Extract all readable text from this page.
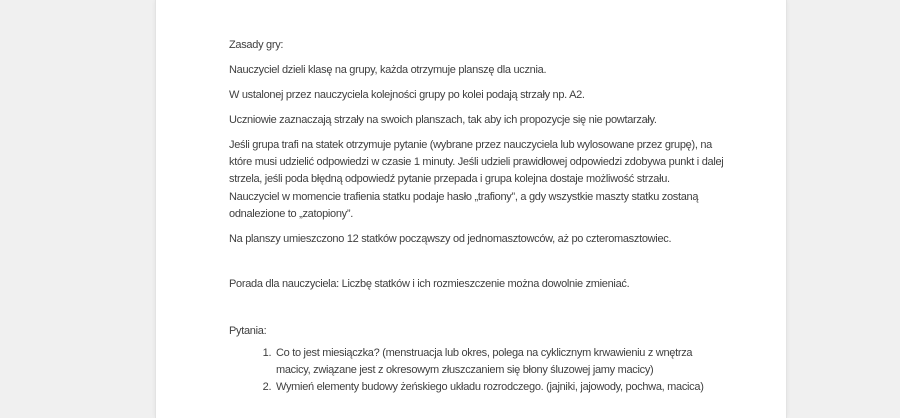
Zasady gry:

Nauczyciel dzieli klasę na grupy, każda otrzymuje planszę dla ucznia.

W ustalonej przez nauczyciela kolejności grupy po kolei podają strzały np. A2.

Uczniowie zaznaczają strzały na swoich planszach, tak aby ich propozycje się nie powtarzały.

Jeśli grupa trafi na statek otrzymuje pytanie (wybrane przez nauczyciela lub wylosowane przez grupę), na które musi udzielić odpowiedzi w czasie 1 minuty. Jeśli udzieli prawidłowej odpowiedzi zdobywa punkt i dalej strzela, jeśli poda błędną odpowiedź pytanie przepada i grupa kolejna dostaje możliwość strzału.

Nauczyciel w momencie trafienia statku podaje hasło „trafiony”, a gdy wszystkie maszty statku zostaną odnalezione to „zatopiony”.

Na planszy umieszczono 12 statków począwszy od jednomasztowców, aż po czteromasztowiec.

Porada dla nauczyciela: Liczbę statków i ich rozmieszczenie można dowolnie zmieniać.

Pytania:

1. Co to jest miesiączka? (menstruacja lub okres, polega na cyklicznym krwawieniu z wnętrza macicy, związane jest z okresowym złuszczaniem się błony śluzowej jamy macicy)
2. Wymień elementy budowy żeńskiego układu rozrodczego. (jajniki, jajowody, pochwa, macica)
